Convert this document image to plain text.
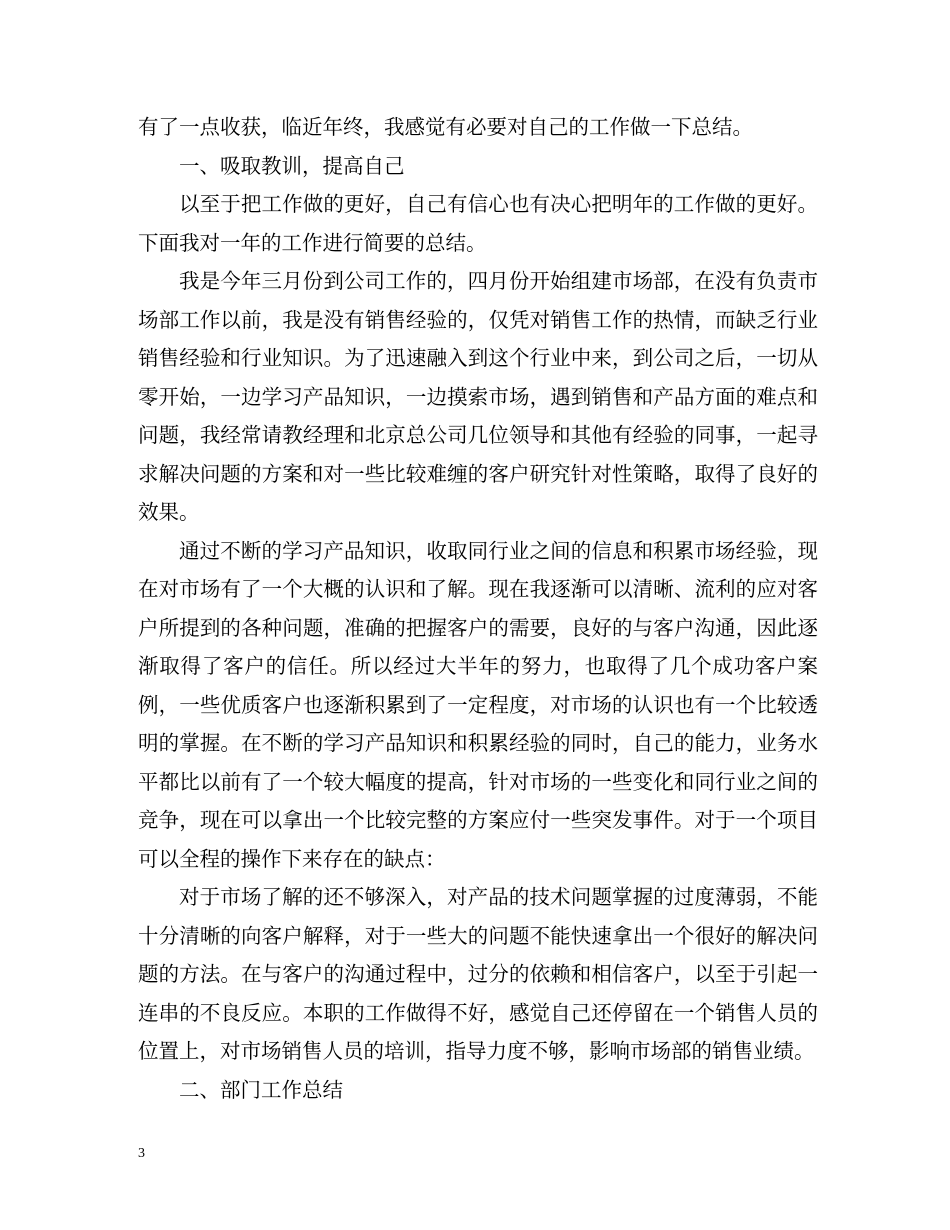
有了一点收获，临近年终，我感觉有必要对自己的工作做一下总结。

一、吸取教训，提高自己

以至于把工作做的更好，自己有信心也有决心把明年的工作做的更好。下面我对一年的工作进行简要的总结。

我是今年三月份到公司工作的，四月份开始组建市场部，在没有负责市场部工作以前，我是没有销售经验的，仅凭对销售工作的热情，而缺乏行业销售经验和行业知识。为了迅速融入到这个行业中来，到公司之后，一切从零开始，一边学习产品知识，一边摸索市场，遇到销售和产品方面的难点和问题，我经常请教经理和北京总公司几位领导和其他有经验的同事，一起寻求解决问题的方案和对一些比较难缠的客户研究针对性策略，取得了良好的效果。

通过不断的学习产品知识，收取同行业之间的信息和积累市场经验，现在对市场有了一个大概的认识和了解。现在我逐渐可以清晰、流利的应对客户所提到的各种问题，准确的把握客户的需要，良好的与客户沟通，因此逐渐取得了客户的信任。所以经过大半年的努力，也取得了几个成功客户案例，一些优质客户也逐渐积累到了一定程度，对市场的认识也有一个比较透明的掌握。在不断的学习产品知识和积累经验的同时，自己的能力，业务水平都比以前有了一个较大幅度的提高，针对市场的一些变化和同行业之间的竞争，现在可以拿出一个比较完整的方案应付一些突发事件。对于一个项目可以全程的操作下来存在的缺点：

对于市场了解的还不够深入，对产品的技术问题掌握的过度薄弱，不能十分清晰的向客户解释，对于一些大的问题不能快速拿出一个很好的解决问题的方法。在与客户的沟通过程中，过分的依赖和相信客户，以至于引起一连串的不良反应。本职的工作做得不好，感觉自己还停留在一个销售人员的位置上，对市场销售人员的培训，指导力度不够，影响市场部的销售业绩。

二、部门工作总结

3
